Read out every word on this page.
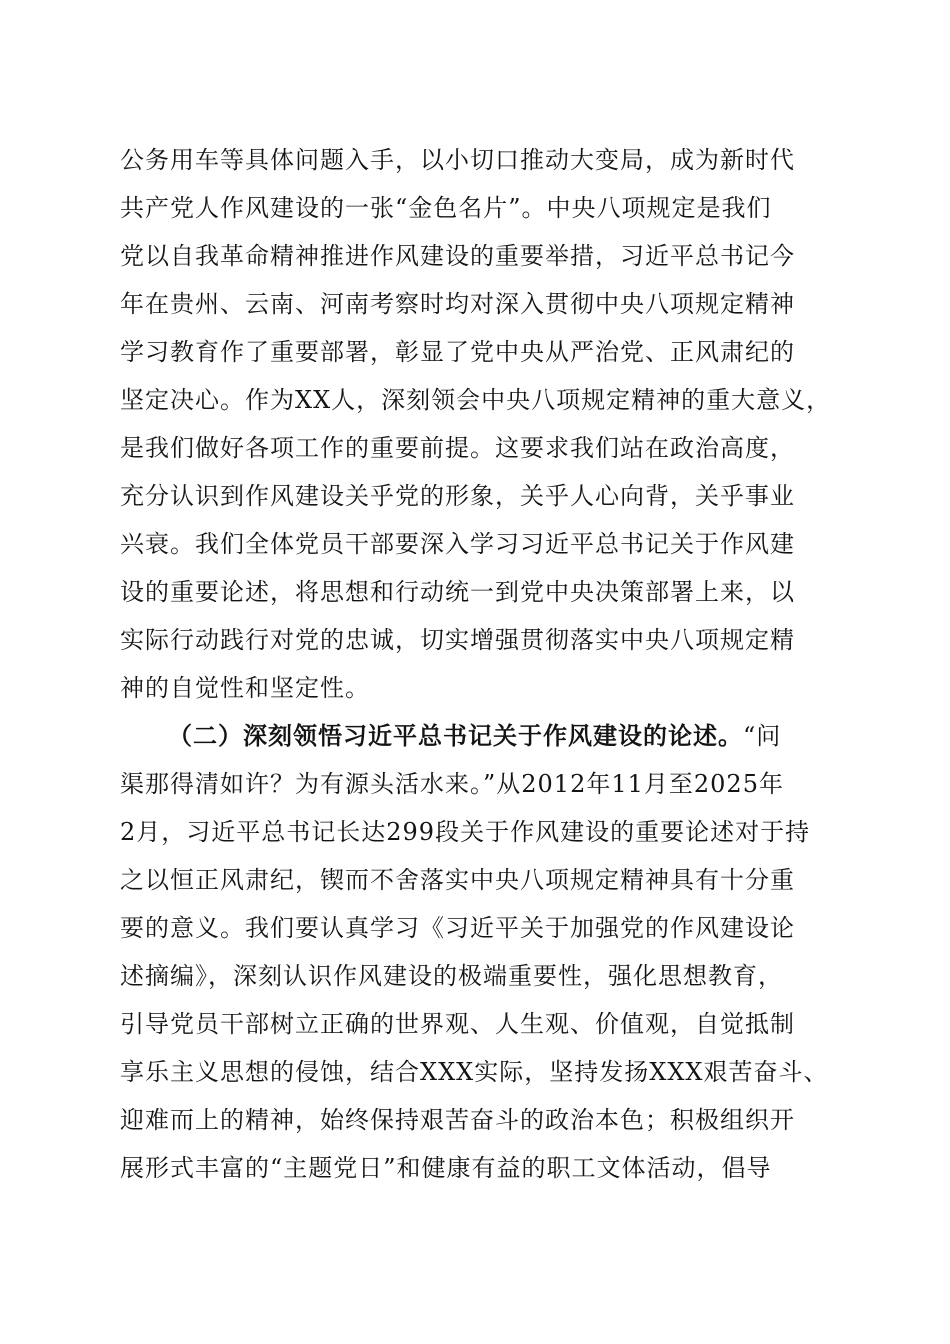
公务用车等具体问题入手，以小切口推动大变局，成为新时代
共产党人作风建设的一张“金色名片”。中央八项规定是我们
党以自我革命精神推进作风建设的重要举措，习近平总书记今
年在贵州、云南、河南考察时均对深入贯彻中央八项规定精神
学习教育作了重要部署，彰显了党中央从严治党、正风肃纪的
坚定决心。作为XX人，深刻领会中央八项规定精神的重大意义，
是我们做好各项工作的重要前提。这要求我们站在政治高度，
充分认识到作风建设关乎党的形象，关乎人心向背，关乎事业
兴衰。我们全体党员干部要深入学习习近平总书记关于作风建
设的重要论述，将思想和行动统一到党中央决策部署上来，以
实际行动践行对党的忠诚，切实增强贯彻落实中央八项规定精
神的自觉性和坚定性。
（二）深刻领悟习近平总书记关于作风建设的论述。“问
渠那得清如许？为有源头活水来。”从2012年11月至2025年
2月，习近平总书记长达299段关于作风建设的重要论述对于持
之以恒正风肃纪，锲而不舍落实中央八项规定精神具有十分重
要的意义。我们要认真学习《习近平关于加强党的作风建设论
述摘编》，深刻认识作风建设的极端重要性，强化思想教育，
引导党员干部树立正确的世界观、人生观、价值观，自觉抵制
享乐主义思想的侵蚀，结合XXX实际，坚持发扬XXX艰苦奋斗、
迎难而上的精神，始终保持艰苦奋斗的政治本色；积极组织开
展形式丰富的“主题党日”和健康有益的职工文体活动，倡导
